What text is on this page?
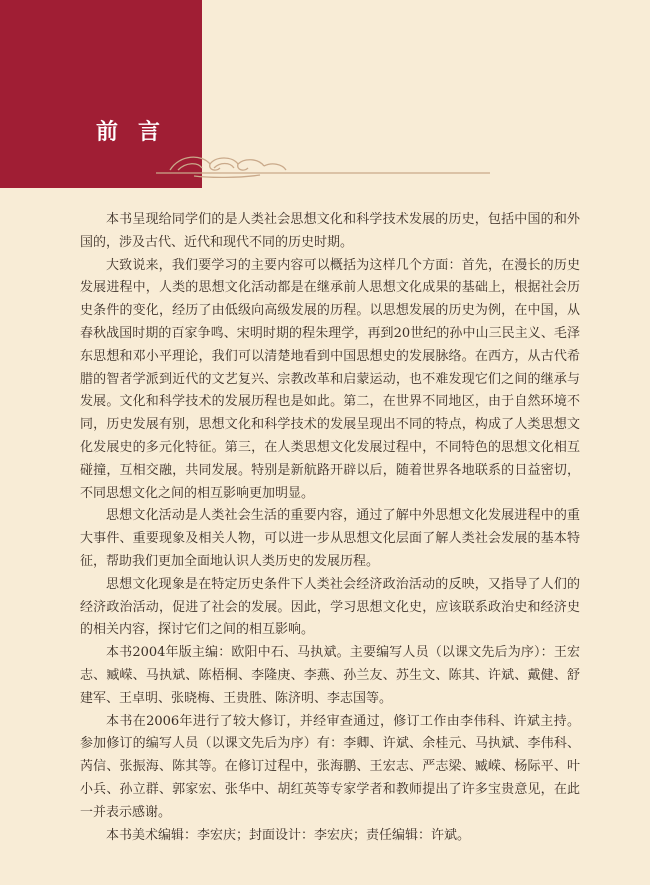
前言

本书呈现给同学们的是人类社会思想文化和科学技术发展的历史，包括中国的和外国的，涉及古代、近代和现代不同的历史时期。

大致说来，我们要学习的主要内容可以概括为这样几个方面：首先，在漫长的历史发展进程中，人类的思想文化活动都是在继承前人思想文化成果的基础上，根据社会历史条件的变化，经历了由低级向高级发展的历程。以思想发展的历史为例，在中国，从春秋战国时期的百家争鸣、宋明时期的程朱理学，再到20世纪的孙中山三民主义、毛泽东思想和邓小平理论，我们可以清楚地看到中国思想史的发展脉络。在西方，从古代希腊的智者学派到近代的文艺复兴、宗教改革和启蒙运动，也不难发现它们之间的继承与发展。文化和科学技术的发展历程也是如此。第二，在世界不同地区，由于自然环境不同，历史发展有别，思想文化和科学技术的发展呈现出不同的特点，构成了人类思想文化发展史的多元化特征。第三，在人类思想文化发展过程中，不同特色的思想文化相互碰撞，互相交融，共同发展。特别是新航路开辟以后，随着世界各地联系的日益密切，不同思想文化之间的相互影响更加明显。

思想文化活动是人类社会生活的重要内容，通过了解中外思想文化发展进程中的重大事件、重要现象及相关人物，可以进一步从思想文化层面了解人类社会发展的基本特征，帮助我们更加全面地认识人类历史的发展历程。

思想文化现象是在特定历史条件下人类社会经济政治活动的反映，又指导了人们的经济政治活动，促进了社会的发展。因此，学习思想文化史，应该联系政治史和经济史的相关内容，探讨它们之间的相互影响。

本书2004年版主编：欧阳中石、马执斌。主要编写人员（以课文先后为序）：王宏志、臧嵘、马执斌、陈梧桐、李隆庚、李燕、孙兰友、苏生文、陈其、许斌、戴健、舒建军、王卓明、张晓梅、王贵胜、陈济明、李志国等。

本书在2006年进行了较大修订，并经审查通过，修订工作由李伟科、许斌主持。参加修订的编写人员（以课文先后为序）有：李卿、许斌、余桂元、马执斌、李伟科、芮信、张振海、陈其等。在修订过程中，张海鹏、王宏志、严志梁、臧嵘、杨际平、叶小兵、孙立群、郭家宏、张华中、胡红英等专家学者和教师提出了许多宝贵意见，在此一并表示感谢。

本书美术编辑：李宏庆；封面设计：李宏庆；责任编辑：许斌。
